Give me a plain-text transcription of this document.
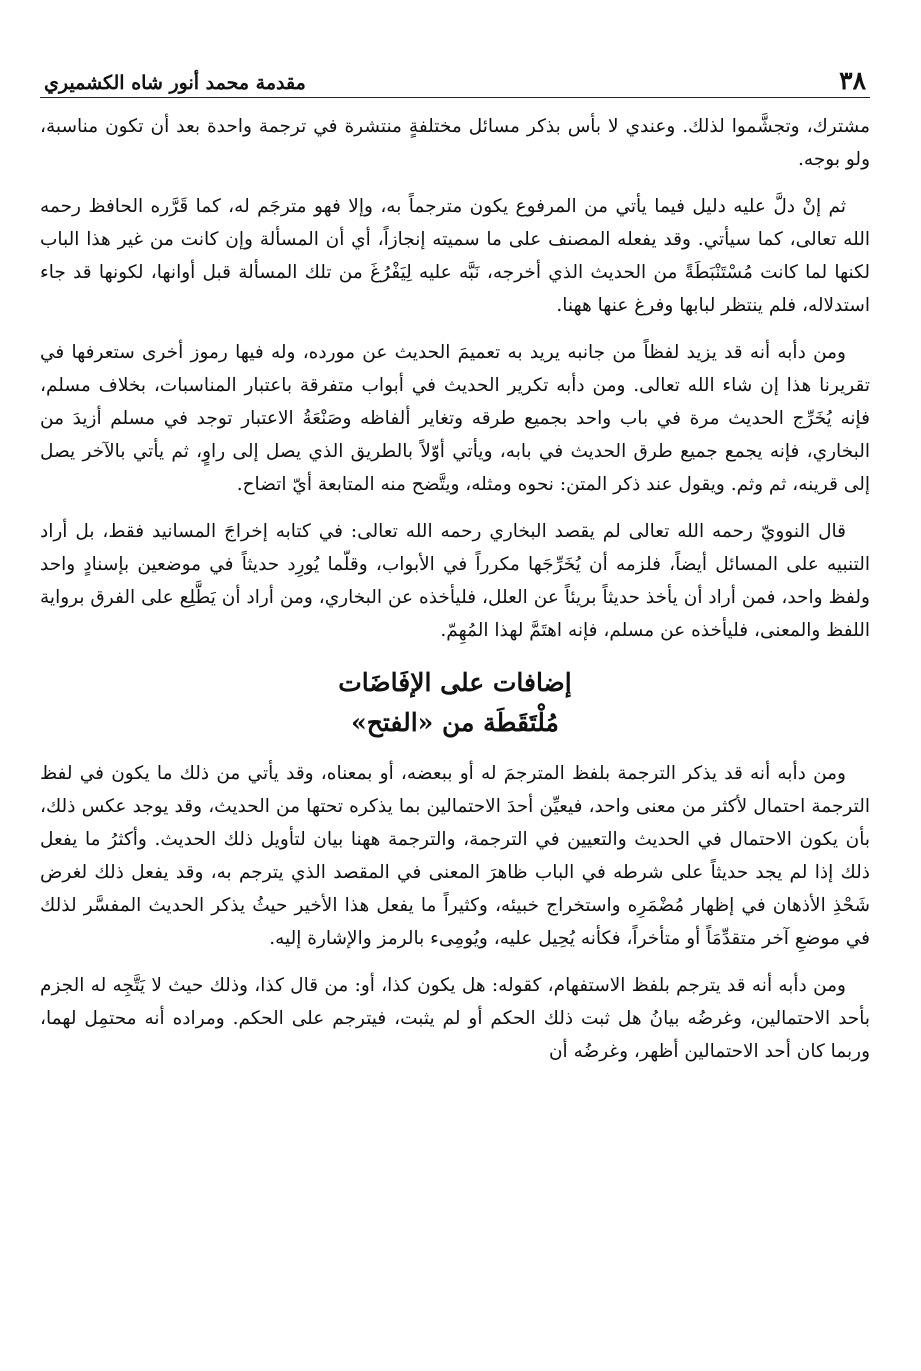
٣٨
مقدمة محمد أنور شاه الكشميري

مشترك، وتجشَّموا لذلك. وعندي لا بأس بذكر مسائل مختلفةٍ منتشرة في ترجمة واحدة بعد أن تكون مناسبة، ولو بوجه.

ثم إنْ دلَّ عليه دليل فيما يأتي من المرفوع يكون مترجماً به، وإلا فهو مترجَم له، كما قَرَّره الحافظ رحمه الله تعالى، كما سيأتي. وقد يفعله المصنف على ما سميته إنجازاً، أي أن المسألة وإن كانت من غير هذا الباب لكنها لما كانت مُسْتَنْبَطَةً من الحديث الذي أخرجه، نَبَّه عليه لِيَفْرُغَ من تلك المسألة قبل أوانها، لكونها قد جاء استدلاله، فلم ينتظر لبابها وفرغ عنها ههنا.

ومن دأبه أنه قد يزيد لفظاً من جانبه يريد به تعميمَ الحديث عن مورده، وله فيها رموز أخرى ستعرفها في تقريرنا هذا إن شاء الله تعالى. ومن دأبه تكرير الحديث في أبواب متفرقة باعتبار المناسبات، بخلاف مسلم، فإنه يُخَرِّج الحديث مرة في باب واحد بجميع طرقه وتغاير ألفاظه وصَنْعَةُ الاعتبار توجد في مسلم أزيدَ من البخاري، فإنه يجمع جميع طرق الحديث في بابه، ويأتي أوّلاً بالطريق الذي يصل إلى راوٍ، ثم يأتي بالآخر يصل إلى قرينه، ثم وثم. ويقول عند ذكر المتن: نحوه ومثله، ويتَّضح منه المتابعة أيّ اتضاح.

قال النوويّ رحمه الله تعالى لم يقصد البخاري رحمه الله تعالى: في كتابه إخراجَ المسانيد فقط، بل أراد التنبيه على المسائل أيضاً، فلزمه أن يُخَرِّجَها مكرراً في الأبواب، وقلّما يُورِد حديثاً في موضعين بإسنادٍ واحد ولفظ واحد، فمن أراد أن يأخذ حديثاً بريئاً عن العلل، فليأخذه عن البخاري، ومن أراد أن يَطَّلِع على الفرق برواية اللفظ والمعنى، فليأخذه عن مسلم، فإنه اهتَمَّ لهذا المُهِمّ.

إضافات على الإفَاضَات
مُلْتَقَطَة من «الفتح»

ومن دأبه أنه قد يذكر الترجمة بلفظ المترجمَ له أو ببعضه، أو بمعناه، وقد يأتي من ذلك ما يكون في لفظ الترجمة احتمال لأكثر من معنى واحد، فيعيِّن أحدَ الاحتمالين بما يذكره تحتها من الحديث، وقد يوجد عكس ذلك، بأن يكون الاحتمال في الحديث والتعيين في الترجمة، والترجمة ههنا بيان لتأويل ذلك الحديث. وأكثرُ ما يفعل ذلك إذا لم يجد حديثاً على شرطه في الباب ظاهرَ المعنى في المقصد الذي يترجم به، وقد يفعل ذلك لغرض شَحْذِ الأذهان في إظهار مُضْمَرِه واستخراج خبيئه، وكثيراً ما يفعل هذا الأخير حيثُ يذكر الحديث المفسَّر لذلك في موضعِ آخر متقدِّمَاً أو متأخراً، فكأنه يُحِيل عليه، ويُومِىء بالرمز والإشارة إليه.

ومن دأبه أنه قد يترجم بلفظ الاستفهام، كقوله: هل يكون كذا، أو: من قال كذا، وذلك حيث لا يَتَّجِه له الجزم بأحد الاحتمالين، وغرضُه بيانُ هل ثبت ذلك الحكم أو لم يثبت، فيترجم على الحكم. ومراده أنه محتمِل لهما، وربما كان أحد الاحتمالين أظهر، وغرضُه أن
